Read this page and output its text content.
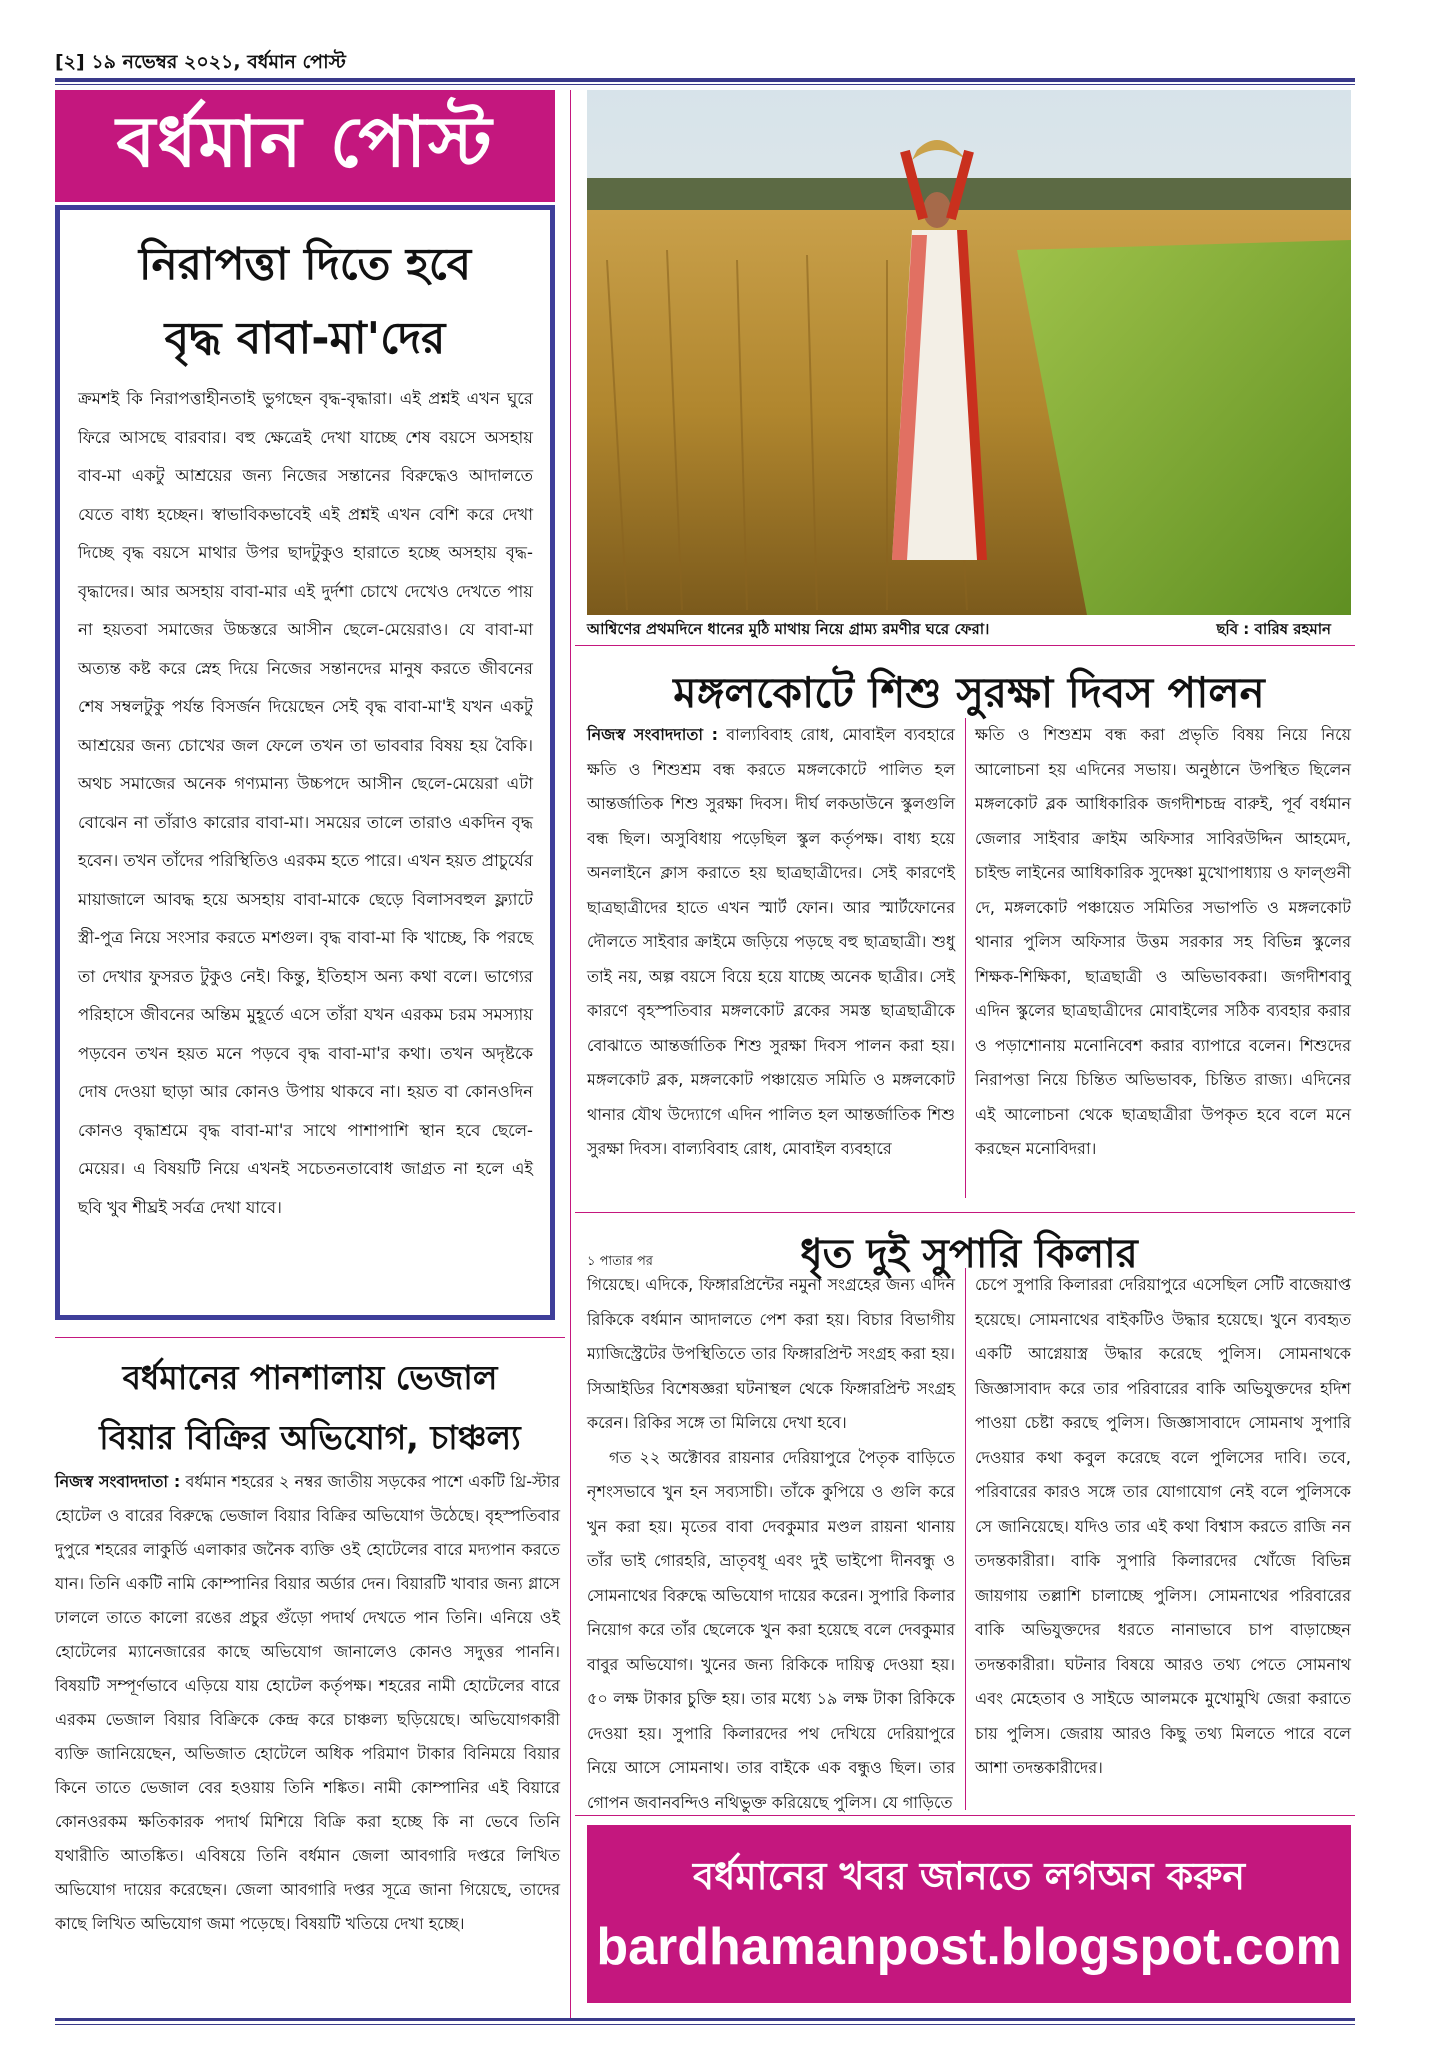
[২] ১৯ নভেম্বর ২০২১, বর্ধমান পোস্ট
বর্ধমান পোস্ট
নিরাপত্তা দিতে হবে
বৃদ্ধ বাবা-মা'দের
ক্রমশই কি নিরাপত্তাহীনতাই ভুগছেন বৃদ্ধ-বৃদ্ধারা। এই প্রশ্নই এখন ঘুরে ফিরে আসছে বারবার। বহু ক্ষেত্রেই দেখা যাচ্ছে শেষ বয়সে অসহায় বাব-মা একটু আশ্রয়ের জন্য নিজের সন্তানের বিরুদ্ধেও আদালতে যেতে বাধ্য হচ্ছেন। স্বাভাবিকভাবেই এই প্রশ্নই এখন বেশি করে দেখা দিচ্ছে বৃদ্ধ বয়সে মাথার উপর ছাদটুকুও হারাতে হচ্ছে অসহায় বৃদ্ধ-বৃদ্ধাদের। আর অসহায় বাবা-মার এই দুর্দশা চোখে দেখেও দেখতে পায় না হয়তবা সমাজের উচ্চস্তরে আসীন ছেলে-মেয়েরাও। যে বাবা-মা অত্যন্ত কষ্ট করে স্নেহ দিয়ে নিজের সন্তানদের মানুষ করতে জীবনের শেষ সম্বলটুকু পর্যন্ত বিসর্জন দিয়েছেন সেই বৃদ্ধ বাবা-মা'ই যখন একটু আশ্রয়ের জন্য চোখের জল ফেলে তখন তা ভাববার বিষয় হয় বৈকি। অথচ সমাজের অনেক গণ্যমান্য উচ্চপদে আসীন ছেলে-মেয়েরা এটা বোঝেন না তাঁরাও কারোর বাবা-মা। সময়ের তালে তারাও একদিন বৃদ্ধ হবেন। তখন তাঁদের পরিস্থিতিও এরকম হতে পারে। এখন হয়ত প্রাচুর্যের মায়াজালে আবদ্ধ হয়ে অসহায় বাবা-মাকে ছেড়ে বিলাসবহুল ফ্ল্যাটে স্ত্রী-পুত্র নিয়ে সংসার করতে মশগুল। বৃদ্ধ বাবা-মা কি খাচ্ছে, কি পরছে তা দেখার ফুসরত টুকুও নেই। কিন্তু, ইতিহাস অন্য কথা বলে। ভাগ্যের পরিহাসে জীবনের অন্তিম মুহূর্তে এসে তাঁরা যখন এরকম চরম সমস্যায় পড়বেন তখন হয়ত মনে পড়বে বৃদ্ধ বাবা-মা'র কথা। তখন অদৃষ্টকে দোষ দেওয়া ছাড়া আর কোনও উপায় থাকবে না। হয়ত বা কোনওদিন কোনও বৃদ্ধাশ্রমে বৃদ্ধ বাবা-মা'র সাথে পাশাপাশি স্থান হবে ছেলে-মেয়ের। এ বিষয়টি নিয়ে এখনই সচেতনতাবোধ জাগ্রত না হলে এই ছবি খুব শীঘ্রই সর্বত্র দেখা যাবে।
আশ্বিণের প্রথমদিনে ধানের মুঠি মাথায় নিয়ে গ্রাম্য রমণীর ঘরে ফেরা।	ছবি : বারিষ রহমান
মঙ্গলকোটে শিশু সুরক্ষা দিবস পালন
নিজস্ব সংবাদদাতা : বাল্যবিবাহ রোধ, মোবাইল ব্যবহারে ক্ষতি ও শিশুশ্রম বন্ধ করতে মঙ্গলকোটে পালিত হল আন্তর্জাতিক শিশু সুরক্ষা দিবস। দীর্ঘ লকডাউনে স্কুলগুলি বন্ধ ছিল। অসুবিধায় পড়েছিল স্কুল কর্তৃপক্ষ। বাধ্য হয়ে অনলাইনে ক্লাস করাতে হয় ছাত্রছাত্রীদের। সেই কারণেই ছাত্রছাত্রীদের হাতে এখন স্মার্ট ফোন। আর স্মার্টফোনের দৌলতে সাইবার ক্রাইমে জড়িয়ে পড়ছে বহু ছাত্রছাত্রী। শুধু তাই নয়, অল্প বয়সে বিয়ে হয়ে যাচ্ছে অনেক ছাত্রীর। সেই কারণে বৃহস্পতিবার মঙ্গলকোট ব্লকের সমস্ত ছাত্রছাত্রীকে বোঝাতে আন্তর্জাতিক শিশু সুরক্ষা দিবস পালন করা হয়। মঙ্গলকোট ব্লক, মঙ্গলকোট পঞ্চায়েত সমিতি ও মঙ্গলকোট থানার যৌথ উদ্যোগে এদিন পালিত হল আন্তর্জাতিক শিশু সুরক্ষা দিবস। বাল্যবিবাহ রোধ, মোবাইল ব্যবহারে
ক্ষতি ও শিশুশ্রম বন্ধ করা প্রভৃতি বিষয় নিয়ে নিয়ে আলোচনা হয় এদিনের সভায়। অনুষ্ঠানে উপস্থিত ছিলেন মঙ্গলকোট ব্লক আধিকারিক জগদীশচন্দ্র বারুই, পূর্ব বর্ধমান জেলার সাইবার ক্রাইম অফিসার সাবিরউদ্দিন আহমেদ, চাইল্ড লাইনের আধিকারিক সুদেষ্ণা মুখোপাধ্যায় ও ফাল্গুনী দে, মঙ্গলকোট পঞ্চায়েত সমিতির সভাপতি ও মঙ্গলকোট থানার পুলিস অফিসার উত্তম সরকার সহ বিভিন্ন স্কুলের শিক্ষক-শিক্ষিকা, ছাত্রছাত্রী ও অভিভাবকরা। জগদীশবাবু এদিন স্কুলের ছাত্রছাত্রীদের মোবাইলের সঠিক ব্যবহার করার ও পড়াশোনায় মনোনিবেশ করার ব্যাপারে বলেন। শিশুদের নিরাপত্তা নিয়ে চিন্তিত অভিভাবক, চিন্তিত রাজ্য। এদিনের এই আলোচনা থেকে ছাত্রছাত্রীরা উপকৃত হবে বলে মনে করছেন মনোবিদরা।
ধৃত দুই সুপারি কিলার
১ পাতার পর
গিয়েছে। এদিকে, ফিঙ্গারপ্রিন্টের নমুনা সংগ্রহের জন্য এদিন রিকিকে বর্ধমান আদালতে পেশ করা হয়। বিচার বিভাগীয় ম্যাজিস্ট্রেটের উপস্থিতিতে তার ফিঙ্গারপ্রিন্ট সংগ্রহ করা হয়। সিআইডির বিশেষজ্ঞরা ঘটনাস্থল থেকে ফিঙ্গারপ্রিন্ট সংগ্রহ করেন। রিকির সঙ্গে তা মিলিয়ে দেখা হবে।
গত ২২ অক্টোবর রায়নার দেরিয়াপুরে পৈতৃক বাড়িতে নৃশংসভাবে খুন হন সব্যসাচী। তাঁকে কুপিয়ে ও গুলি করে খুন করা হয়। মৃতের বাবা দেবকুমার মণ্ডল রায়না থানায় তাঁর ভাই গোরহরি, ভ্রাতৃবধূ এবং দুই ভাইপো দীনবন্ধু ও সোমনাথের বিরুদ্ধে অভিযোগ দায়ের করেন। সুপারি কিলার নিয়োগ করে তাঁর ছেলেকে খুন করা হয়েছে বলে দেবকুমার বাবুর অভিযোগ। খুনের জন্য রিকিকে দায়িত্ব দেওয়া হয়। ৫০ লক্ষ টাকার চুক্তি হয়। তার মধ্যে ১৯ লক্ষ টাকা রিকিকে দেওয়া হয়। সুপারি কিলারদের পথ দেখিয়ে দেরিয়াপুরে নিয়ে আসে সোমনাথ। তার বাইকে এক বন্ধুও ছিল। তার গোপন জবানবন্দিও নথিভুক্ত করিয়েছে পুলিস। যে গাড়িতে
চেপে সুপারি কিলাররা দেরিয়াপুরে এসেছিল সেটি বাজেয়াপ্ত হয়েছে। সোমনাথের বাইকটিও উদ্ধার হয়েছে। খুনে ব্যবহৃত একটি আগ্নেয়াস্ত্র উদ্ধার করেছে পুলিস। সোমনাথকে জিজ্ঞাসাবাদ করে তার পরিবারের বাকি অভিযুক্তদের হদিশ পাওয়া চেষ্টা করছে পুলিস। জিজ্ঞাসাবাদে সোমনাথ সুপারি দেওয়ার কথা কবুল করেছে বলে পুলিসের দাবি। তবে, পরিবারের কারও সঙ্গে তার যোগাযোগ নেই বলে পুলিসকে সে জানিয়েছে। যদিও তার এই কথা বিশ্বাস করতে রাজি নন তদন্তকারীরা। বাকি সুপারি কিলারদের খোঁজে বিভিন্ন জায়গায় তল্লাশি চালাচ্ছে পুলিস। সোমনাথের পরিবারের বাকি অভিযুক্তদের ধরতে নানাভাবে চাপ বাড়াচ্ছেন তদন্তকারীরা। ঘটনার বিষয়ে আরও তথ্য পেতে সোমনাথ এবং মেহেতাব ও সাইডে আলমকে মুখোমুখি জেরা করাতে চায় পুলিস। জেরায় আরও কিছু তথ্য মিলতে পারে বলে আশা তদন্তকারীদের।
বর্ধমানের পানশালায় ভেজাল
বিয়ার বিক্রির অভিযোগ, চাঞ্চল্য
নিজস্ব সংবাদদাতা : বর্ধমান শহরের ২ নম্বর জাতীয় সড়কের পাশে একটি থ্রি-স্টার হোটেল ও বারের বিরুদ্ধে ভেজাল বিয়ার বিক্রির অভিযোগ উঠেছে। বৃহস্পতিবার দুপুরে শহরের লাকুর্ডি এলাকার জনৈক ব্যক্তি ওই হোটেলের বারে মদ্যপান করতে যান। তিনি একটি নামি কোম্পানির বিয়ার অর্ডার দেন। বিয়ারটি খাবার জন্য গ্লাসে ঢাললে তাতে কালো রঙের প্রচুর গুঁড়ো পদার্থ দেখতে পান তিনি। এনিয়ে ওই হোটেলের ম্যানেজারের কাছে অভিযোগ জানালেও কোনও সদুত্তর পাননি। বিষয়টি সম্পূর্ণভাবে এড়িয়ে যায় হোটেল কর্তৃপক্ষ। শহরের নামী হোটেলের বারে এরকম ভেজাল বিয়ার বিক্রিকে কেন্দ্র করে চাঞ্চল্য ছড়িয়েছে। অভিযোগকারী ব্যক্তি জানিয়েছেন, অভিজাত হোটেলে অধিক পরিমাণ টাকার বিনিময়ে বিয়ার কিনে তাতে ভেজাল বের হওয়ায় তিনি শঙ্কিত। নামী কোম্পানির এই বিয়ারে কোনওরকম ক্ষতিকারক পদার্থ মিশিয়ে বিক্রি করা হচ্ছে কি না ভেবে তিনি যথারীতি আতঙ্কিত। এবিষয়ে তিনি বর্ধমান জেলা আবগারি দপ্তরে লিখিত অভিযোগ দায়ের করেছেন। জেলা আবগারি দপ্তর সূত্রে জানা গিয়েছে, তাদের কাছে লিখিত অভিযোগ জমা পড়েছে। বিষয়টি খতিয়ে দেখা হচ্ছে।
বর্ধমানের খবর জানতে লগঅন করুন
bardhamanpost.blogspot.com
